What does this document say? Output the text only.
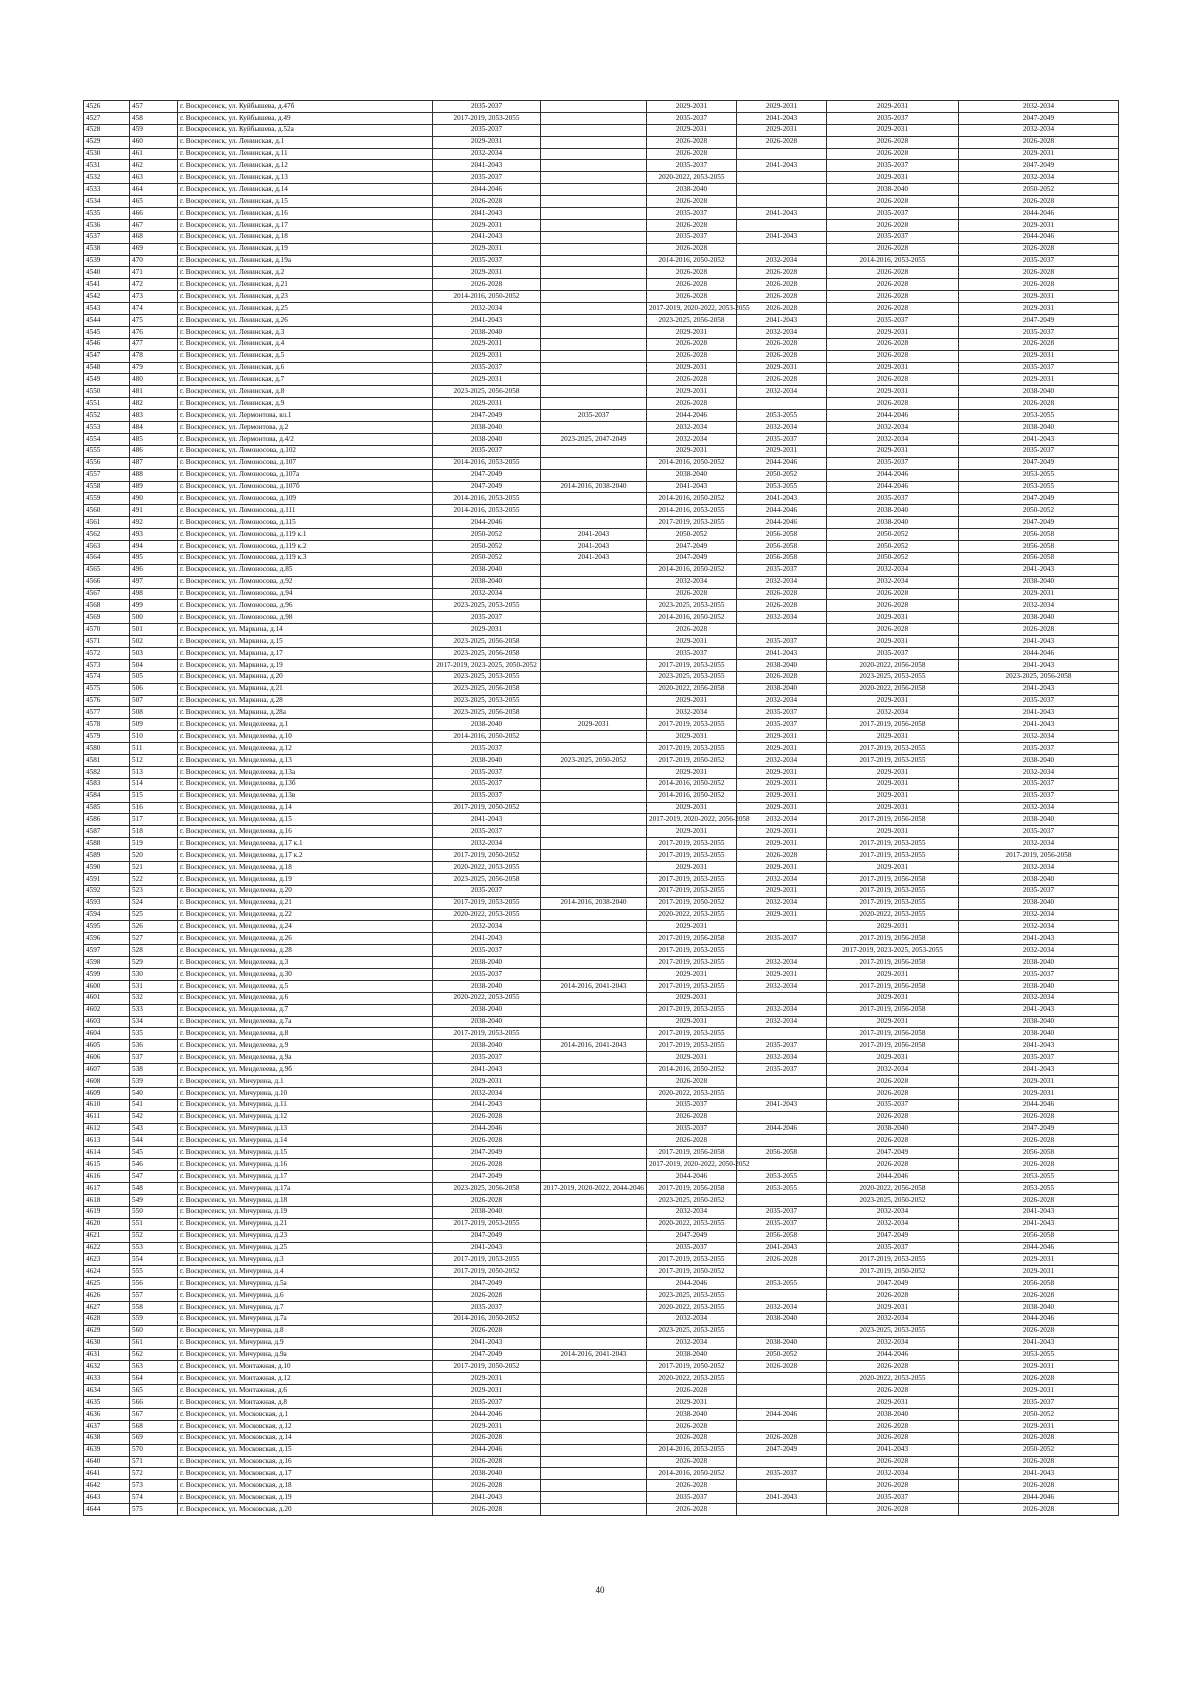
4526	457	г. Воскресенск, ул. Куйбышева, д.47б	2035-2037		2029-2031	2029-2031	2029-2031	2032-2034
4527	458	г. Воскресенск, ул. Куйбышева, д.49	2017-2019, 2053-2055		2035-2037	2041-2043	2035-2037	2047-2049
4528	459	г. Воскресенск, ул. Куйбышева, д.52а	2035-2037		2029-2031	2029-2031	2029-2031	2032-2034
4529	460	г. Воскресенск, ул. Ленинская, д.1	2029-2031		2026-2028	2026-2028	2026-2028	2026-2028
4530	461	г. Воскресенск, ул. Ленинская, д.11	2032-2034		2026-2028		2026-2028	2029-2031
4531	462	г. Воскресенск, ул. Ленинская, д.12	2041-2043		2035-2037	2041-2043	2035-2037	2047-2049
4532	463	г. Воскресенск, ул. Ленинская, д.13	2035-2037		2020-2022, 2053-2055		2029-2031	2032-2034
4533	464	г. Воскресенск, ул. Ленинская, д.14	2044-2046		2038-2040		2038-2040	2050-2052
4534	465	г. Воскресенск, ул. Ленинская, д.15	2026-2028		2026-2028		2026-2028	2026-2028
4535	466	г. Воскресенск, ул. Ленинская, д.16	2041-2043		2035-2037	2041-2043	2035-2037	2044-2046
4536	467	г. Воскресенск, ул. Ленинская, д.17	2029-2031		2026-2028		2026-2028	2029-2031
4537	468	г. Воскресенск, ул. Ленинская, д.18	2041-2043		2035-2037	2041-2043	2035-2037	2044-2046
4538	469	г. Воскресенск, ул. Ленинская, д.19	2029-2031		2026-2028		2026-2028	2026-2028
4539	470	г. Воскресенск, ул. Ленинская, д.19а	2035-2037		2014-2016, 2050-2052	2032-2034	2014-2016, 2053-2055	2035-2037
4540	471	г. Воскресенск, ул. Ленинская, д.2	2029-2031		2026-2028	2026-2028	2026-2028	2026-2028
4541	472	г. Воскресенск, ул. Ленинская, д.21	2026-2028		2026-2028	2026-2028	2026-2028	2026-2028
4542	473	г. Воскресенск, ул. Ленинская, д.23	2014-2016, 2050-2052		2026-2028	2026-2028	2026-2028	2029-2031
4543	474	г. Воскресенск, ул. Ленинская, д.25	2032-2034		2017-2019, 2020-2022, 2053-2055	2026-2028	2026-2028	2029-2031
4544	475	г. Воскресенск, ул. Ленинская, д.26	2041-2043		2023-2025, 2056-2058	2041-2043	2035-2037	2047-2049
4545	476	г. Воскресенск, ул. Ленинская, д.3	2038-2040		2029-2031	2032-2034	2029-2031	2035-2037
4546	477	г. Воскресенск, ул. Ленинская, д.4	2029-2031		2026-2028	2026-2028	2026-2028	2026-2028
4547	478	г. Воскресенск, ул. Ленинская, д.5	2029-2031		2026-2028	2026-2028	2026-2028	2029-2031
4548	479	г. Воскресенск, ул. Ленинская, д.6	2035-2037		2029-2031	2029-2031	2029-2031	2035-2037
4549	480	г. Воскресенск, ул. Ленинская, д.7	2029-2031		2026-2028	2026-2028	2026-2028	2029-2031
4550	481	г. Воскресенск, ул. Ленинская, д.8	2023-2025, 2056-2058		2029-2031	2032-2034	2029-2031	2038-2040
4551	482	г. Воскресенск, ул. Ленинская, д.9	2029-2031		2026-2028		2026-2028	2026-2028
4552	483	г. Воскресенск, ул. Лермонтова, вл.1	2047-2049	2035-2037	2044-2046	2053-2055	2044-2046	2053-2055
4553	484	г. Воскресенск, ул. Лермонтова, д.2	2038-2040		2032-2034	2032-2034	2032-2034	2038-2040
4554	485	г. Воскресенск, ул. Лермонтова, д.4/2	2038-2040	2023-2025, 2047-2049	2032-2034	2035-2037	2032-2034	2041-2043
4555	486	г. Воскресенск, ул. Ломоносова, д.102	2035-2037		2029-2031	2029-2031	2029-2031	2035-2037
4556	487	г. Воскресенск, ул. Ломоносова, д.107	2014-2016, 2053-2055		2014-2016, 2050-2052	2044-2046	2035-2037	2047-2049
4557	488	г. Воскресенск, ул. Ломоносова, д.107а	2047-2049		2038-2040	2050-2052	2044-2046	2053-2055
4558	489	г. Воскресенск, ул. Ломоносова, д.107б	2047-2049	2014-2016, 2038-2040	2041-2043	2053-2055	2044-2046	2053-2055
4559	490	г. Воскресенск, ул. Ломоносова, д.109	2014-2016, 2053-2055		2014-2016, 2050-2052	2041-2043	2035-2037	2047-2049
4560	491	г. Воскресенск, ул. Ломоносова, д.111	2014-2016, 2053-2055		2014-2016, 2053-2055	2044-2046	2038-2040	2050-2052
4561	492	г. Воскресенск, ул. Ломоносова, д.115	2044-2046		2017-2019, 2053-2055	2044-2046	2038-2040	2047-2049
4562	493	г. Воскресенск, ул. Ломоносова, д.119 к.1	2050-2052	2041-2043	2050-2052	2056-2058	2050-2052	2056-2058
4563	494	г. Воскресенск, ул. Ломоносова, д.119 к.2	2050-2052	2041-2043	2047-2049	2056-2058	2050-2052	2056-2058
4564	495	г. Воскресенск, ул. Ломоносова, д.119 к.3	2050-2052	2041-2043	2047-2049	2056-2058	2050-2052	2056-2058
4565	496	г. Воскресенск, ул. Ломоносова, д.85	2038-2040		2014-2016, 2050-2052	2035-2037	2032-2034	2041-2043
4566	497	г. Воскресенск, ул. Ломоносова, д.92	2038-2040		2032-2034	2032-2034	2032-2034	2038-2040
4567	498	г. Воскресенск, ул. Ломоносова, д.94	2032-2034		2026-2028	2026-2028	2026-2028	2029-2031
4568	499	г. Воскресенск, ул. Ломоносова, д.96	2023-2025, 2053-2055		2023-2025, 2053-2055	2026-2028	2026-2028	2032-2034
4569	500	г. Воскресенск, ул. Ломоносова, д.98	2035-2037		2014-2016, 2050-2052	2032-2034	2029-2031	2038-2040
4570	501	г. Воскресенск, ул. Маркина, д.14	2029-2031		2026-2028		2026-2028	2026-2028
4571	502	г. Воскресенск, ул. Маркина, д.15	2023-2025, 2056-2058		2029-2031	2035-2037	2029-2031	2041-2043
4572	503	г. Воскресенск, ул. Маркина, д.17	2023-2025, 2056-2058		2035-2037	2041-2043	2035-2037	2044-2046
4573	504	г. Воскресенск, ул. Маркина, д.19	2017-2019, 2023-2025, 2050-2052		2017-2019, 2053-2055	2038-2040	2020-2022, 2056-2058	2041-2043
4574	505	г. Воскресенск, ул. Маркина, д.20	2023-2025, 2053-2055		2023-2025, 2053-2055	2026-2028	2023-2025, 2053-2055	2023-2025, 2056-2058
4575	506	г. Воскресенск, ул. Маркина, д.21	2023-2025, 2056-2058		2020-2022, 2056-2058	2038-2040	2020-2022, 2056-2058	2041-2043
4576	507	г. Воскресенск, ул. Маркина, д.28	2023-2025, 2053-2055		2029-2031	2032-2034	2029-2031	2035-2037
4577	508	г. Воскресенск, ул. Маркина, д.28а	2023-2025, 2056-2058		2032-2034	2035-2037	2032-2034	2041-2043
4578	509	г. Воскресенск, ул. Менделеева, д.1	2038-2040	2029-2031	2017-2019, 2053-2055	2035-2037	2017-2019, 2056-2058	2041-2043
4579	510	г. Воскресенск, ул. Менделеева, д.10	2014-2016, 2050-2052		2029-2031	2029-2031	2029-2031	2032-2034
4580	511	г. Воскресенск, ул. Менделеева, д.12	2035-2037		2017-2019, 2053-2055	2029-2031	2017-2019, 2053-2055	2035-2037
4581	512	г. Воскресенск, ул. Менделеева, д.13	2038-2040	2023-2025, 2050-2052	2017-2019, 2050-2052	2032-2034	2017-2019, 2053-2055	2038-2040
4582	513	г. Воскресенск, ул. Менделеева, д.13а	2035-2037		2029-2031	2029-2031	2029-2031	2032-2034
4583	514	г. Воскресенск, ул. Менделеева, д.13б	2035-2037		2014-2016, 2050-2052	2029-2031	2029-2031	2035-2037
4584	515	г. Воскресенск, ул. Менделеева, д.13в	2035-2037		2014-2016, 2050-2052	2029-2031	2029-2031	2035-2037
4585	516	г. Воскресенск, ул. Менделеева, д.14	2017-2019, 2050-2052		2029-2031	2029-2031	2029-2031	2032-2034
4586	517	г. Воскресенск, ул. Менделеева, д.15	2041-2043		2017-2019, 2020-2022, 2056-2058	2032-2034	2017-2019, 2056-2058	2038-2040
4587	518	г. Воскресенск, ул. Менделеева, д.16	2035-2037		2029-2031	2029-2031	2029-2031	2035-2037
4588	519	г. Воскресенск, ул. Менделеева, д.17 к.1	2032-2034		2017-2019, 2053-2055	2029-2031	2017-2019, 2053-2055	2032-2034
4589	520	г. Воскресенск, ул. Менделеева, д.17 к.2	2017-2019, 2050-2052		2017-2019, 2053-2055	2026-2028	2017-2019, 2053-2055	2017-2019, 2056-2058
4590	521	г. Воскресенск, ул. Менделеева, д.18	2020-2022, 2053-2055		2029-2031	2029-2031	2029-2031	2032-2034
4591	522	г. Воскресенск, ул. Менделеева, д.19	2023-2025, 2056-2058		2017-2019, 2053-2055	2032-2034	2017-2019, 2056-2058	2038-2040
4592	523	г. Воскресенск, ул. Менделеева, д.20	2035-2037		2017-2019, 2053-2055	2029-2031	2017-2019, 2053-2055	2035-2037
4593	524	г. Воскресенск, ул. Менделеева, д.21	2017-2019, 2053-2055	2014-2016, 2038-2040	2017-2019, 2050-2052	2032-2034	2017-2019, 2053-2055	2038-2040
4594	525	г. Воскресенск, ул. Менделеева, д.22	2020-2022, 2053-2055		2020-2022, 2053-2055	2029-2031	2020-2022, 2053-2055	2032-2034
4595	526	г. Воскресенск, ул. Менделеева, д.24	2032-2034		2029-2031		2029-2031	2032-2034
4596	527	г. Воскресенск, ул. Менделеева, д.26	2041-2043		2017-2019, 2056-2058	2035-2037	2017-2019, 2056-2058	2041-2043
4597	528	г. Воскресенск, ул. Менделеева, д.28	2035-2037		2017-2019, 2053-2055		2017-2019, 2023-2025, 2053-2055	2032-2034
4598	529	г. Воскресенск, ул. Менделеева, д.3	2038-2040		2017-2019, 2053-2055	2032-2034	2017-2019, 2056-2058	2038-2040
4599	530	г. Воскресенск, ул. Менделеева, д.30	2035-2037		2029-2031	2029-2031	2029-2031	2035-2037
4600	531	г. Воскресенск, ул. Менделеева, д.5	2038-2040	2014-2016, 2041-2043	2017-2019, 2053-2055	2032-2034	2017-2019, 2056-2058	2038-2040
4601	532	г. Воскресенск, ул. Менделеева, д.6	2020-2022, 2053-2055		2029-2031		2029-2031	2032-2034
4602	533	г. Воскресенск, ул. Менделеева, д.7	2038-2040		2017-2019, 2053-2055	2032-2034	2017-2019, 2056-2058	2041-2043
4603	534	г. Воскресенск, ул. Менделеева, д.7а	2038-2040		2029-2031	2032-2034	2029-2031	2038-2040
4604	535	г. Воскресенск, ул. Менделеева, д.8	2017-2019, 2053-2055		2017-2019, 2053-2055		2017-2019, 2056-2058	2038-2040
4605	536	г. Воскресенск, ул. Менделеева, д.9	2038-2040	2014-2016, 2041-2043	2017-2019, 2053-2055	2035-2037	2017-2019, 2056-2058	2041-2043
4606	537	г. Воскресенск, ул. Менделеева, д.9а	2035-2037		2029-2031	2032-2034	2029-2031	2035-2037
4607	538	г. Воскресенск, ул. Менделеева, д.9б	2041-2043		2014-2016, 2050-2052	2035-2037	2032-2034	2041-2043
4608	539	г. Воскресенск, ул. Мичурина, д.1	2029-2031		2026-2028		2026-2028	2029-2031
4609	540	г. Воскресенск, ул. Мичурина, д.10	2032-2034		2020-2022, 2053-2055		2026-2028	2029-2031
4610	541	г. Воскресенск, ул. Мичурина, д.11	2041-2043		2035-2037	2041-2043	2035-2037	2044-2046
4611	542	г. Воскресенск, ул. Мичурина, д.12	2026-2028		2026-2028		2026-2028	2026-2028
4612	543	г. Воскресенск, ул. Мичурина, д.13	2044-2046		2035-2037	2044-2046	2038-2040	2047-2049
4613	544	г. Воскресенск, ул. Мичурина, д.14	2026-2028		2026-2028		2026-2028	2026-2028
4614	545	г. Воскресенск, ул. Мичурина, д.15	2047-2049		2017-2019, 2056-2058	2056-2058	2047-2049	2056-2058
4615	546	г. Воскресенск, ул. Мичурина, д.16	2026-2028		2017-2019, 2020-2022, 2050-2052		2026-2028	2026-2028
4616	547	г. Воскресенск, ул. Мичурина, д.17	2047-2049		2044-2046	2053-2055	2044-2046	2053-2055
4617	548	г. Воскресенск, ул. Мичурина, д.17а	2023-2025, 2056-2058	2017-2019, 2020-2022, 2044-2046	2017-2019, 2056-2058	2053-2055	2020-2022, 2056-2058	2053-2055
4618	549	г. Воскресенск, ул. Мичурина, д.18	2026-2028		2023-2025, 2050-2052		2023-2025, 2050-2052	2026-2028
4619	550	г. Воскресенск, ул. Мичурина, д.19	2038-2040		2032-2034	2035-2037	2032-2034	2041-2043
4620	551	г. Воскресенск, ул. Мичурина, д.21	2017-2019, 2053-2055		2020-2022, 2053-2055	2035-2037	2032-2034	2041-2043
4621	552	г. Воскресенск, ул. Мичурина, д.23	2047-2049		2047-2049	2056-2058	2047-2049	2056-2058
4622	553	г. Воскресенск, ул. Мичурина, д.25	2041-2043		2035-2037	2041-2043	2035-2037	2044-2046
4623	554	г. Воскресенск, ул. Мичурина, д.3	2017-2019, 2053-2055		2017-2019, 2053-2055	2026-2028	2017-2019, 2053-2055	2029-2031
4624	555	г. Воскресенск, ул. Мичурина, д.4	2017-2019, 2050-2052		2017-2019, 2050-2052		2017-2019, 2050-2052	2029-2031
4625	556	г. Воскресенск, ул. Мичурина, д.5а	2047-2049		2044-2046	2053-2055	2047-2049	2056-2058
4626	557	г. Воскресенск, ул. Мичурина, д.6	2026-2028		2023-2025, 2053-2055		2026-2028	2026-2028
4627	558	г. Воскресенск, ул. Мичурина, д.7	2035-2037		2020-2022, 2053-2055	2032-2034	2029-2031	2038-2040
4628	559	г. Воскресенск, ул. Мичурина, д.7а	2014-2016, 2050-2052		2032-2034	2038-2040	2032-2034	2044-2046
4629	560	г. Воскресенск, ул. Мичурина, д.8	2026-2028		2023-2025, 2053-2055		2023-2025, 2053-2055	2026-2028
4630	561	г. Воскресенск, ул. Мичурина, д.9	2041-2043		2032-2034	2038-2040	2032-2034	2041-2043
4631	562	г. Воскресенск, ул. Мичурина, д.9а	2047-2049	2014-2016, 2041-2043	2038-2040	2050-2052	2044-2046	2053-2055
4632	563	г. Воскресенск, ул. Монтажная, д.10	2017-2019, 2050-2052		2017-2019, 2050-2052	2026-2028	2026-2028	2029-2031
4633	564	г. Воскресенск, ул. Монтажная, д.12	2029-2031		2020-2022, 2053-2055		2020-2022, 2053-2055	2026-2028
4634	565	г. Воскресенск, ул. Монтажная, д.6	2029-2031		2026-2028		2026-2028	2029-2031
4635	566	г. Воскресенск, ул. Монтажная, д.8	2035-2037		2029-2031		2029-2031	2035-2037
4636	567	г. Воскресенск, ул. Московская, д.1	2044-2046		2038-2040	2044-2046	2038-2040	2050-2052
4637	568	г. Воскресенск, ул. Московская, д.12	2029-2031		2026-2028		2026-2028	2029-2031
4638	569	г. Воскресенск, ул. Московская, д.14	2026-2028		2026-2028	2026-2028	2026-2028	2026-2028
4639	570	г. Воскресенск, ул. Московская, д.15	2044-2046		2014-2016, 2053-2055	2047-2049	2041-2043	2050-2052
4640	571	г. Воскресенск, ул. Московская, д.16	2026-2028		2026-2028		2026-2028	2026-2028
4641	572	г. Воскресенск, ул. Московская, д.17	2038-2040		2014-2016, 2050-2052	2035-2037	2032-2034	2041-2043
4642	573	г. Воскресенск, ул. Московская, д.18	2026-2028		2026-2028		2026-2028	2026-2028
4643	574	г. Воскресенск, ул. Московская, д.19	2041-2043		2035-2037	2041-2043	2035-2037	2044-2046
4644	575	г. Воскресенск, ул. Московская, д.20	2026-2028		2026-2028		2026-2028	2026-2028
40
